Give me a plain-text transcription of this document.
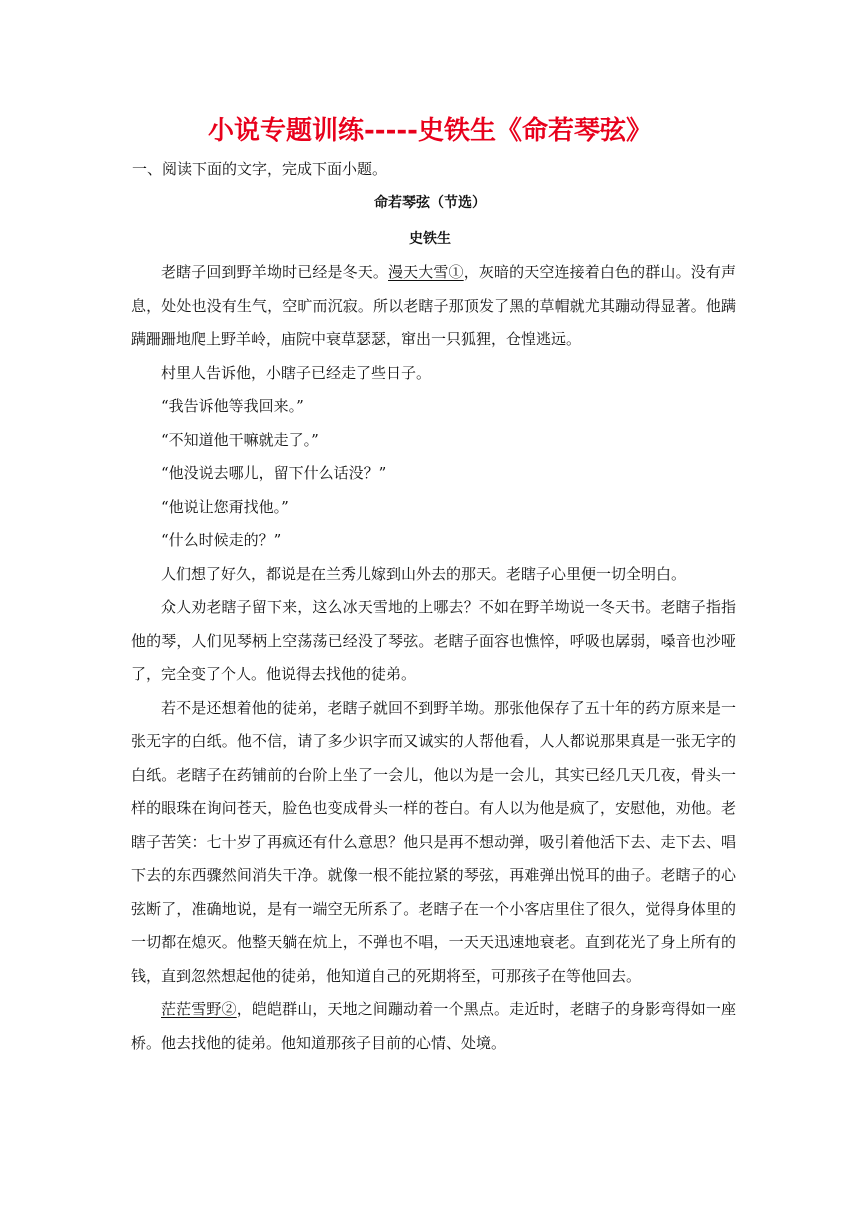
小说专题训练-----史铁生《命若琴弦》
一、阅读下面的文字，完成下面小题。
命若琴弦（节选）
史铁生

老瞎子回到野羊坳时已经是冬天。漫天大雪①，灰暗的天空连接着白色的群山。没有声息，处处也没有生气，空旷而沉寂。所以老瞎子那顶发了黑的草帽就尤其蹦动得显著。他蹒蹒跚跚地爬上野羊岭，庙院中衰草瑟瑟，窜出一只狐狸，仓惶逃远。

村里人告诉他，小瞎子已经走了些日子。

“我告诉他等我回来。”

“不知道他干嘛就走了。”

“他没说去哪儿，留下什么话没？”

“他说让您甭找他。”

“什么时候走的？”

人们想了好久，都说是在兰秀儿嫁到山外去的那天。老瞎子心里便一切全明白。

众人劝老瞎子留下来，这么冰天雪地的上哪去？不如在野羊坳说一冬天书。老瞎子指指他的琴，人们见琴柄上空荡荡已经没了琴弦。老瞎子面容也憔悴，呼吸也孱弱，嗓音也沙哑了，完全变了个人。他说得去找他的徒弟。

若不是还想着他的徒弟，老瞎子就回不到野羊坳。那张他保存了五十年的药方原来是一张无字的白纸。他不信，请了多少识字而又诚实的人帮他看，人人都说那果真是一张无字的白纸。老瞎子在药铺前的台阶上坐了一会儿，他以为是一会儿，其实已经几天几夜，骨头一样的眼珠在询问苍天，脸色也变成骨头一样的苍白。有人以为他是疯了，安慰他，劝他。老瞎子苦笑：七十岁了再疯还有什么意思？他只是再不想动弹，吸引着他活下去、走下去、唱下去的东西骤然间消失干净。就像一根不能拉紧的琴弦，再难弹出悦耳的曲子。老瞎子的心弦断了，准确地说，是有一端空无所系了。老瞎子在一个小客店里住了很久，觉得身体里的一切都在熄灭。他整天躺在炕上，不弹也不唱，一天天迅速地衰老。直到花光了身上所有的钱，直到忽然想起他的徒弟，他知道自己的死期将至，可那孩子在等他回去。

茫茫雪野②，皑皑群山，天地之间蹦动着一个黑点。走近时，老瞎子的身影弯得如一座桥。他去找他的徒弟。他知道那孩子目前的心情、处境。
